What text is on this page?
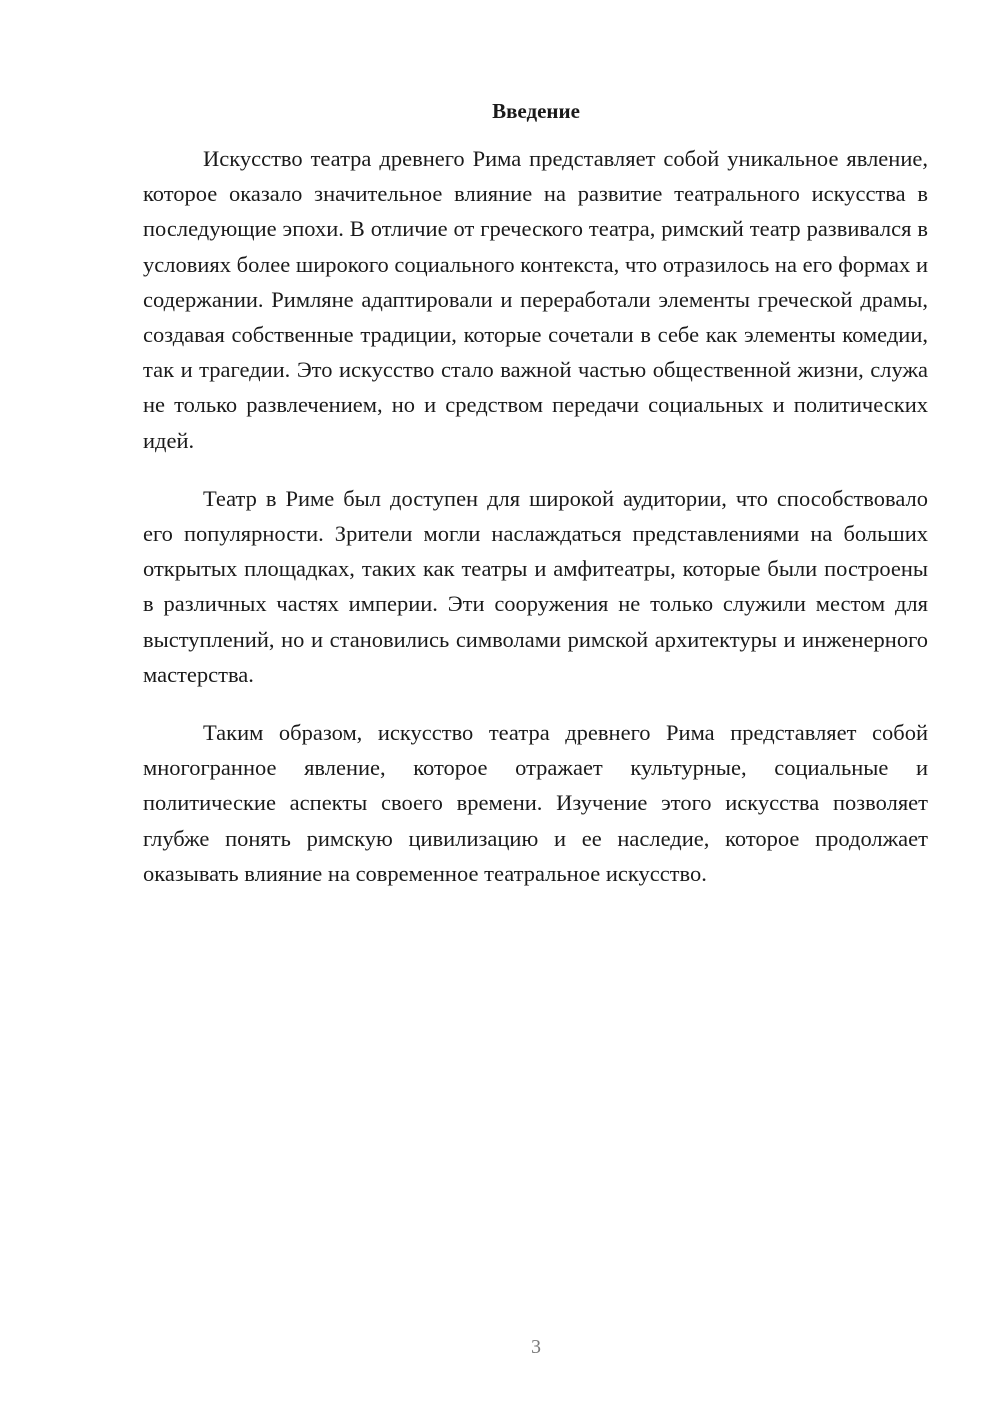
Введение

Искусство театра древнего Рима представляет собой уникальное явление, которое оказало значительное влияние на развитие театрального искусства в последующие эпохи. В отличие от греческого театра, римский театр развивался в условиях более широкого социального контекста, что отразилось на его формах и содержании. Римляне адаптировали и переработали элементы греческой драмы, создавая собственные традиции, которые сочетали в себе как элементы комедии, так и трагедии. Это искусство стало важной частью общественной жизни, служа не только развлечением, но и средством передачи социальных и политических идей.

Театр в Риме был доступен для широкой аудитории, что способствовало его популярности. Зрители могли наслаждаться представлениями на больших открытых площадках, таких как театры и амфитеатры, которые были построены в различных частях империи. Эти сооружения не только служили местом для выступлений, но и становились символами римской архитектуры и инженерного мастерства.

Таким образом, искусство театра древнего Рима представляет собой многогранное явление, которое отражает культурные, социальные и политические аспекты своего времени. Изучение этого искусства позволяет глубже понять римскую цивилизацию и ее наследие, которое продолжает оказывать влияние на современное театральное искусство.

3
